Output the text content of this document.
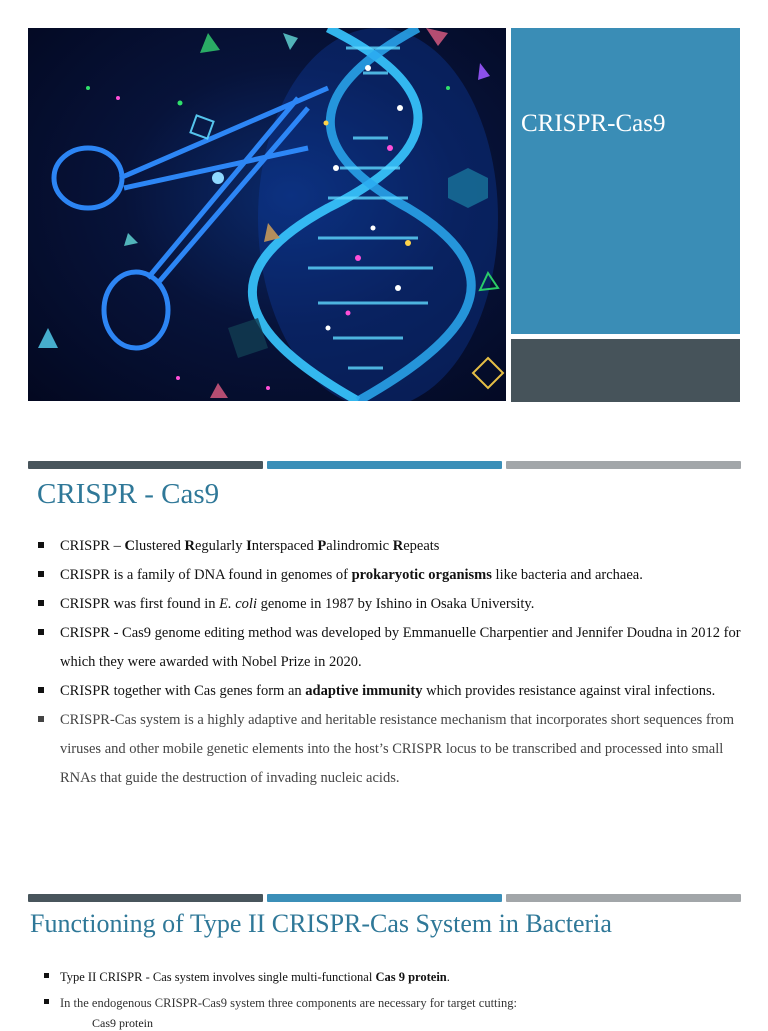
CRISPR-Cas9
CRISPR - Cas9
CRISPR – Clustered Regularly Interspaced Palindromic Repeats
CRISPR is a family of DNA found in genomes of prokaryotic organisms like bacteria and archaea.
CRISPR was first found in E. coli genome in 1987 by Ishino in Osaka University.
CRISPR - Cas9 genome editing method was developed by Emmanuelle Charpentier and Jennifer Doudna in 2012 for which they were awarded with Nobel Prize in 2020.
CRISPR together with Cas genes form an adaptive immunity which provides resistance against viral infections.
CRISPR-Cas system is a highly adaptive and heritable resistance mechanism that incorporates short sequences from viruses and other mobile genetic elements into the host’s CRISPR locus to be transcribed and processed into small RNAs that guide the destruction of invading nucleic acids.
Functioning of Type II CRISPR-Cas System in Bacteria
Type II CRISPR - Cas system involves single multi-functional Cas 9 protein.
In the endogenous CRISPR-Cas9 system three components are necessary for target cutting:
Cas9 protein
